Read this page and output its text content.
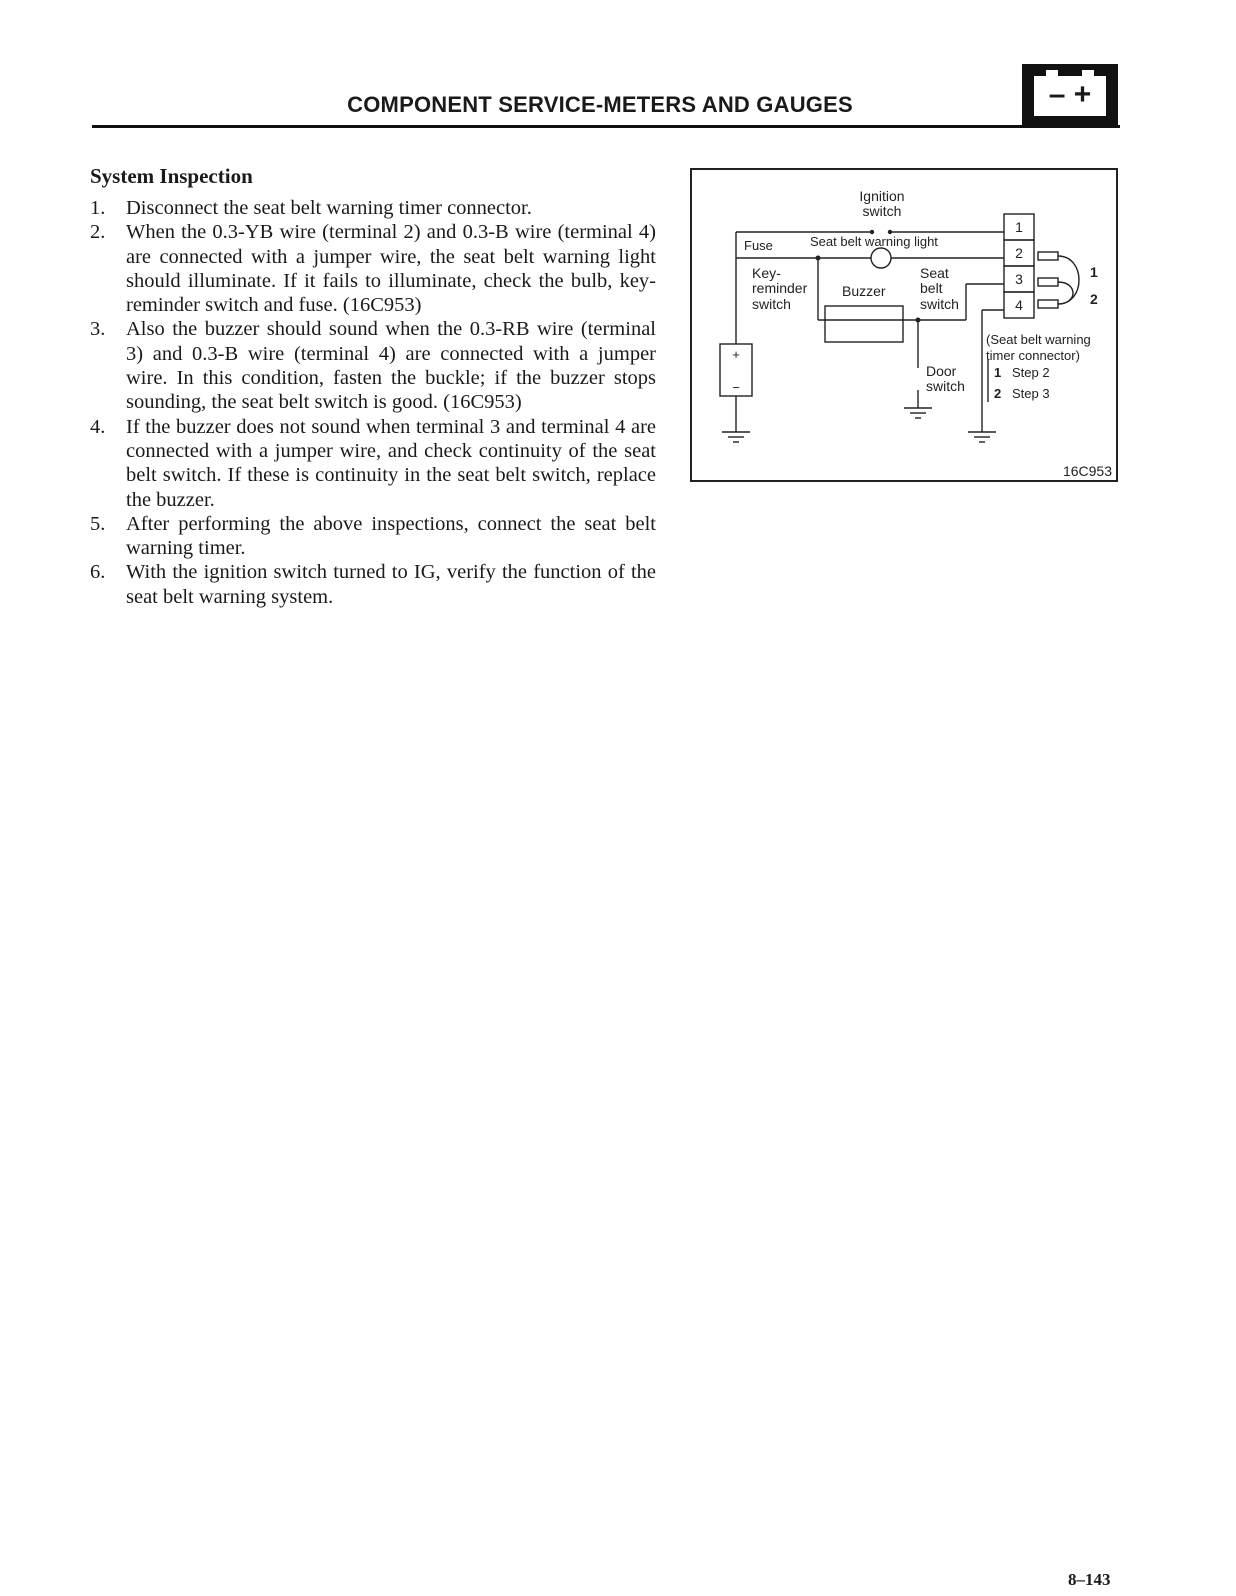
COMPONENT SERVICE-METERS AND GAUGES	– +
System Inspection
1. Disconnect the seat belt warning timer connector.
2. When the 0.3-YB wire (terminal 2) and 0.3-B wire (terminal 4) are connected with a jumper wire, the seat belt warning light should illuminate. If it fails to illuminate, check the bulb, key-reminder switch and fuse. (16C953)
3. Also the buzzer should sound when the 0.3-RB wire (terminal 3) and 0.3-B wire (terminal 4) are connected with a jumper wire. In this condition, fasten the buckle; if the buzzer stops sounding, the seat belt switch is good. (16C953)
4. If the buzzer does not sound when terminal 3 and terminal 4 are connected with a jumper wire, and check continuity of the seat belt switch. If these is continuity in the seat belt switch, replace the buzzer.
5. After performing the above inspections, connect the seat belt warning timer.
6. With the ignition switch turned to IG, verify the function of the seat belt warning system.
Ignition
switch
Fuse	Seat belt warning light
Key-
reminder
switch
Buzzer
Seat
belt
switch
Door
switch
1
2
3
4
1
2
(Seat belt warning
timer connector)
1 Step 2
2 Step 3
+
−
16C953
8–143
